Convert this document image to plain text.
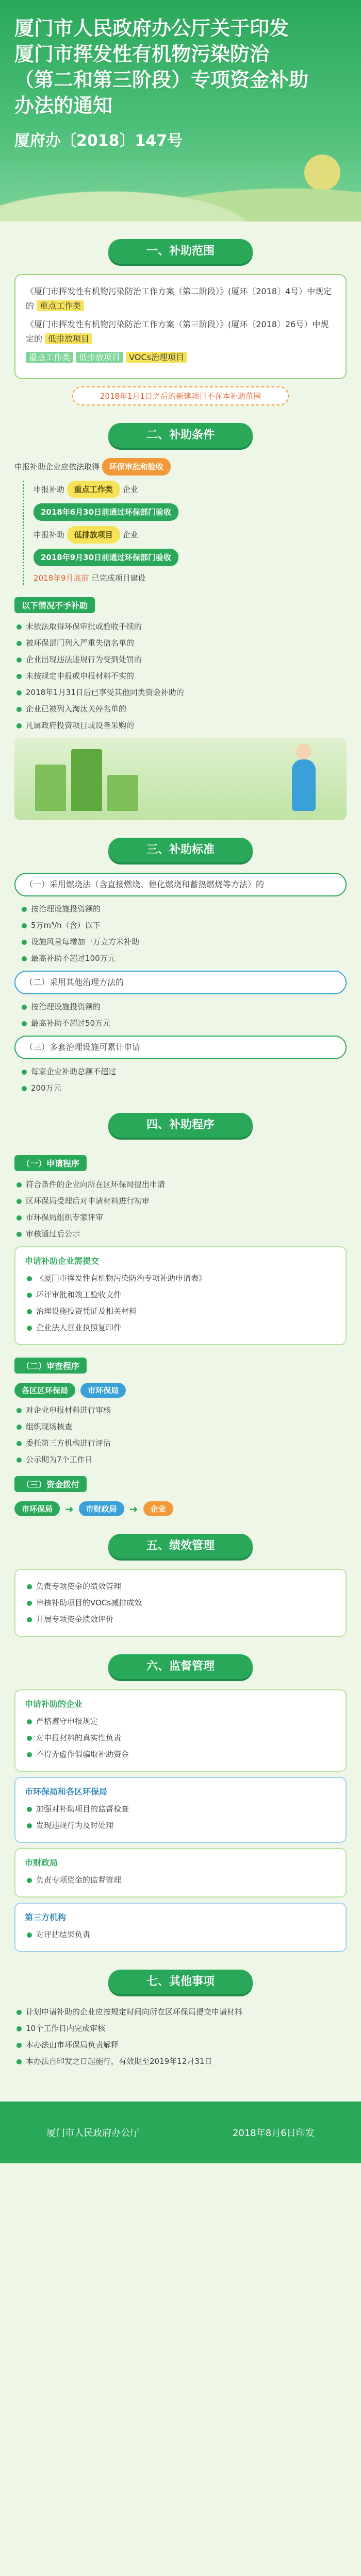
厦门市人民政府办公厅关于印发
厦门市挥发性有机物污染防治
（第二和第三阶段）专项资金补助
办法的通知
厦府办〔2018〕147号
一、补助范围

《厦门市挥发性有机物污染防治工作方案（第二阶段）》(厦环〔2018〕4号）中规定的 重点工作类

《厦门市挥发性有机物污染防治工作方案（第三阶段）》(厦环〔2018〕26号）中规定的 低排放项目

重点工作类 低排放项目 VOCs治理项目

2018年1月1日之后的新建项目不在本补助范围
二、补助条件
申报补助企业应依法取得
	环保审批和验收
申报补助
	重点工作类
	企业
2018年6月30日前通过环保部门验收
申报补助
	低排放项目
	企业
2018年9月30日前通过环保部门验收
2018年9月底前
已完成项目建设
以下情况不予补助
未依法取得环保审批或验收手续的
被环保部门列入严重失信名单的
企业出现违法违规行为受到处罚的
未按规定申报或申报材料不实的
2018年1月31日后已享受其他同类资金补助的
企业已被列入淘汰关停名单的
凡属政府投资项目或设备采购的
三、补助标准
（一）采用燃烧法（含直接燃烧、催化燃烧和蓄热燃烧等方法）的
按治理设施投资额的
5万m³/h（含）以下
设施风量每增加一万立方米补助
最高补助不超过100万元
（二）采用其他治理方法的
按治理设施投资额的
最高补助不超过50万元
（三）多套治理设施可累计申请
每家企业补助总额不超过
200万元
四、补助程序
（一）申请程序
符合条件的企业向所在区环保局提出申请
区环保局受理后对申请材料进行初审
市环保局组织专家评审
审核通过后公示
申请补助企业需提交
《厦门市挥发性有机物污染防治专项补助申请表》
环评审批和竣工验收文件
治理设施投资凭证及相关材料
企业法人营业执照复印件
（二）审查程序
各区区环保局
	市环保局
对企业申报材料进行审核
组织现场核查
委托第三方机构进行评估
公示期为7个工作日
（三）资金拨付
市环保局	➜	市财政局	➜	企业
五、绩效管理
负责专项资金的绩效管理
审核补助项目的VOCs减排成效
开展专项资金绩效评价
六、监督管理
申请补助的企业
严格遵守申报规定
对申报材料的真实性负责
不得弄虚作假骗取补助资金
市环保局和各区环保局
加强对补助项目的监督检查
发现违规行为及时处理
市财政局
负责专项资金的监督管理
第三方机构
对评估结果负责
七、其他事项
计划申请补助的企业应按规定时间向所在区环保局提交申请材料
10个工作日内完成审核
本办法由市环保局负责解释
本办法自印发之日起施行，有效期至2019年12月31日
厦门市人民政府办公厅	2018年8月6日印发
